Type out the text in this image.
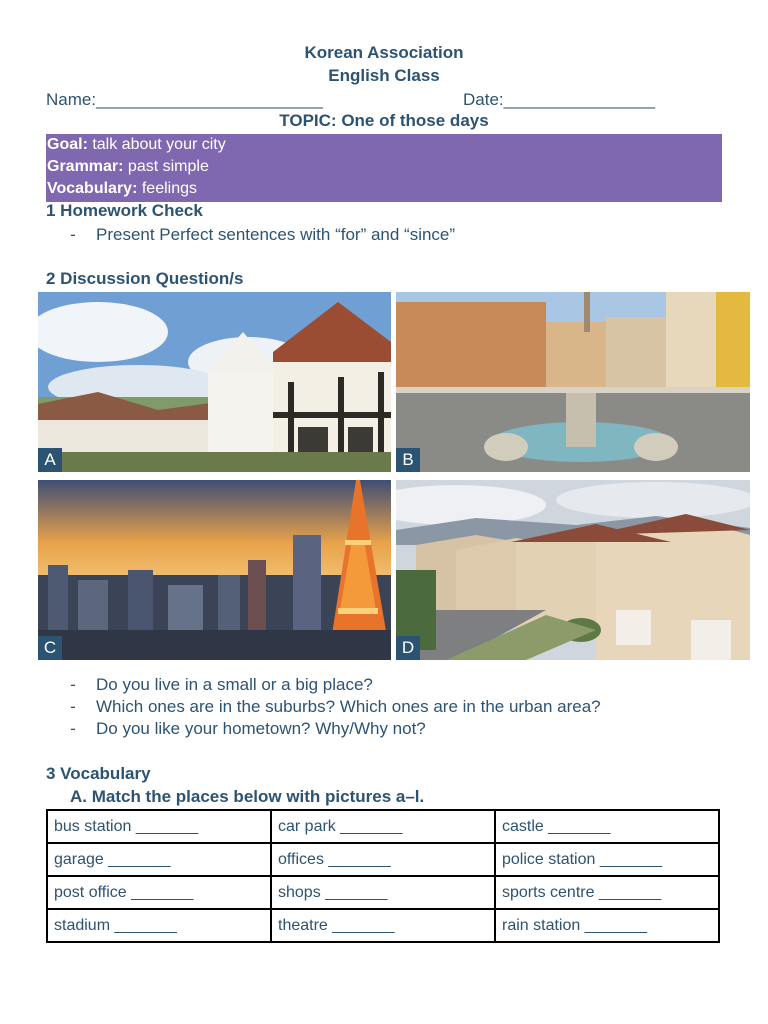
Korean Association
English Class
Name:________________________	Date:________________
TOPIC: One of those days
Goal: talk about your city
Grammar: past simple
Vocabulary: feelings
1 Homework Check
-	Present Perfect sentences with “for” and “since”
2 Discussion Question/s
A	B
C	D
-	Do you live in a small or a big place?
-	Which ones are in the suburbs? Which ones are in the urban area?
-	Do you like your hometown? Why/Why not?
3 Vocabulary
A. Match the places below with pictures a–l.
bus station _______	car park _______	castle _______
garage _______	offices _______	police station _______
post office _______	shops _______	sports centre _______
stadium _______	theatre _______	rain station _______
